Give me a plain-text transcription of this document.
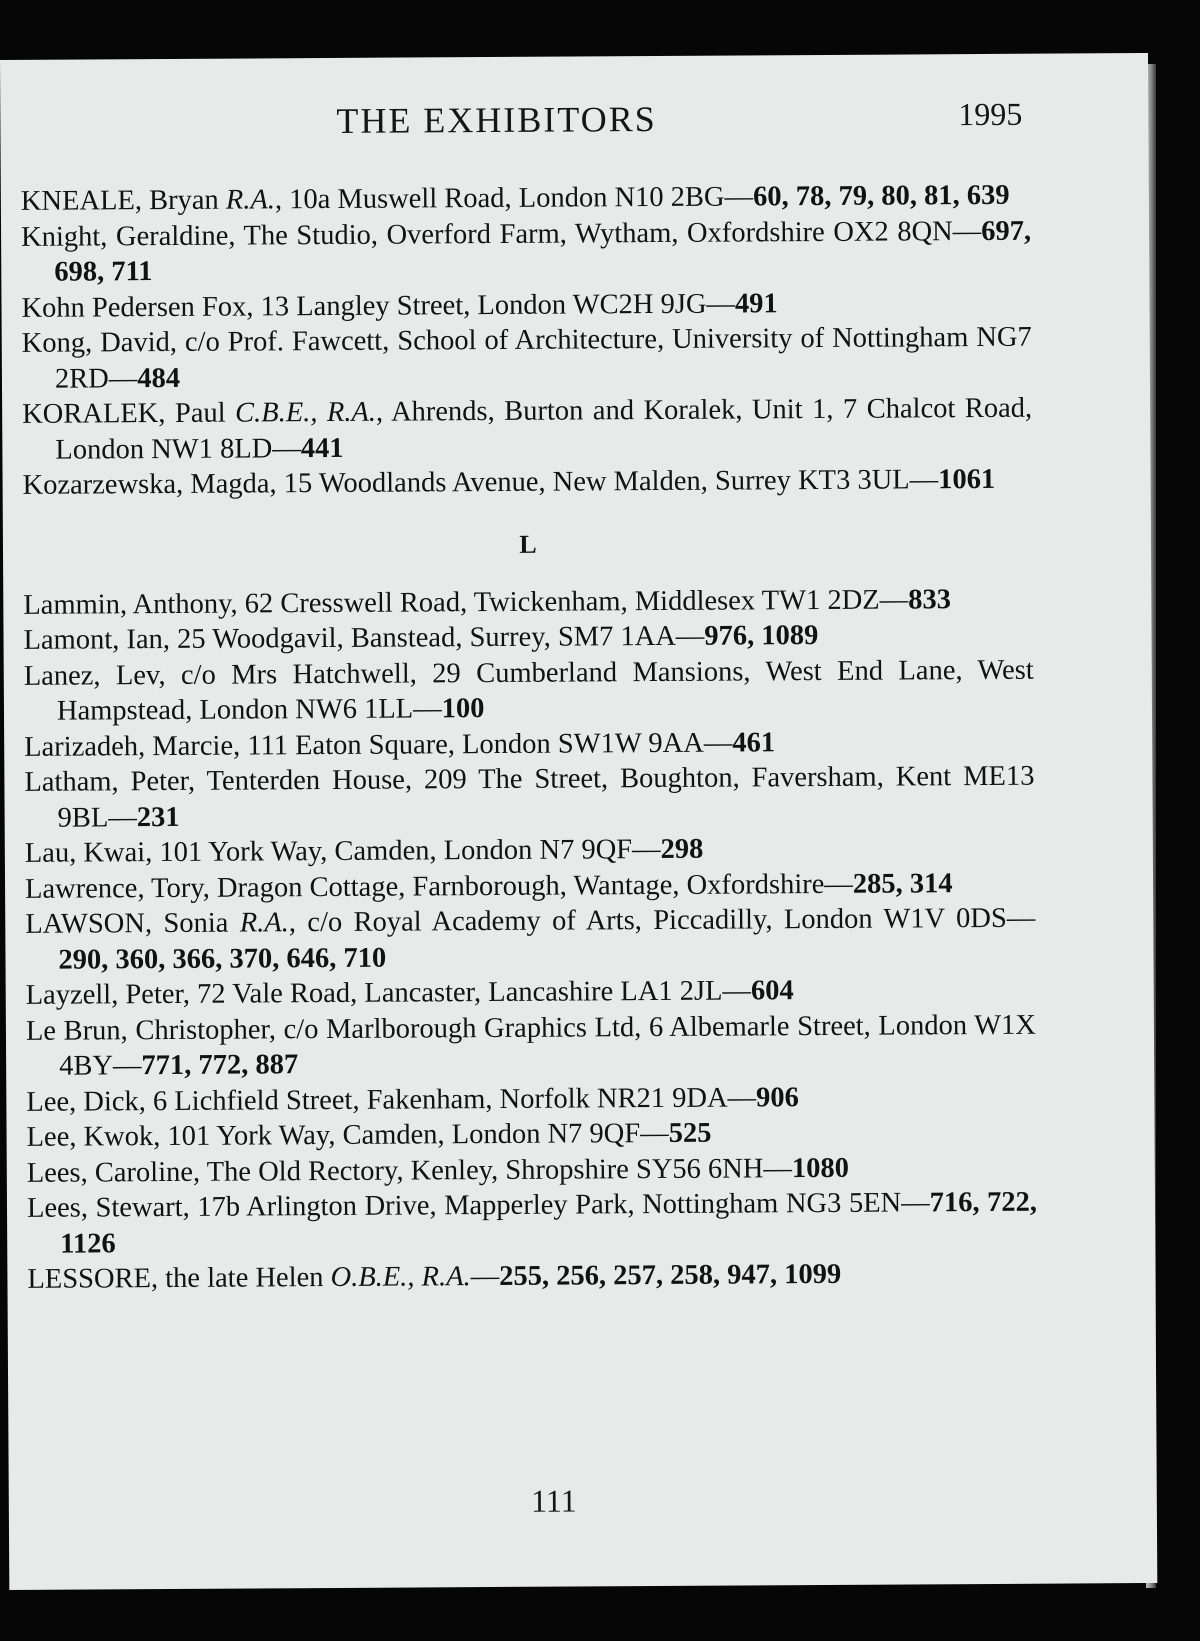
THE EXHIBITORS	1995
KNEALE, Bryan R.A., 10a Muswell Road, London N10 2BG—60, 78, 79, 80, 81, 639
Knight, Geraldine, The Studio, Overford Farm, Wytham, Oxfordshire OX2 8QN—697, 698, 711
Kohn Pedersen Fox, 13 Langley Street, London WC2H 9JG—491
Kong, David, c/o Prof. Fawcett, School of Architecture, University of Nottingham NG7 2RD—484
KORALEK, Paul C.B.E., R.A., Ahrends, Burton and Koralek, Unit 1, 7 Chalcot Road, London NW1 8LD—441
Kozarzewska, Magda, 15 Woodlands Avenue, New Malden, Surrey KT3 3UL—1061
L
Lammin, Anthony, 62 Cresswell Road, Twickenham, Middlesex TW1 2DZ—833
Lamont, Ian, 25 Woodgavil, Banstead, Surrey, SM7 1AA—976, 1089
Lanez, Lev, c/o Mrs Hatchwell, 29 Cumberland Mansions, West End Lane, West Hampstead, London NW6 1LL—100
Larizadeh, Marcie, 111 Eaton Square, London SW1W 9AA—461
Latham, Peter, Tenterden House, 209 The Street, Boughton, Faversham, Kent ME13 9BL—231
Lau, Kwai, 101 York Way, Camden, London N7 9QF—298
Lawrence, Tory, Dragon Cottage, Farnborough, Wantage, Oxfordshire—285, 314
LAWSON, Sonia R.A., c/o Royal Academy of Arts, Piccadilly, London W1V 0DS—290, 360, 366, 370, 646, 710
Layzell, Peter, 72 Vale Road, Lancaster, Lancashire LA1 2JL—604
Le Brun, Christopher, c/o Marlborough Graphics Ltd, 6 Albemarle Street, London W1X 4BY—771, 772, 887
Lee, Dick, 6 Lichfield Street, Fakenham, Norfolk NR21 9DA—906
Lee, Kwok, 101 York Way, Camden, London N7 9QF—525
Lees, Caroline, The Old Rectory, Kenley, Shropshire SY56 6NH—1080
Lees, Stewart, 17b Arlington Drive, Mapperley Park, Nottingham NG3 5EN—716, 722, 1126
LESSORE, the late Helen O.B.E., R.A.—255, 256, 257, 258, 947, 1099
111
